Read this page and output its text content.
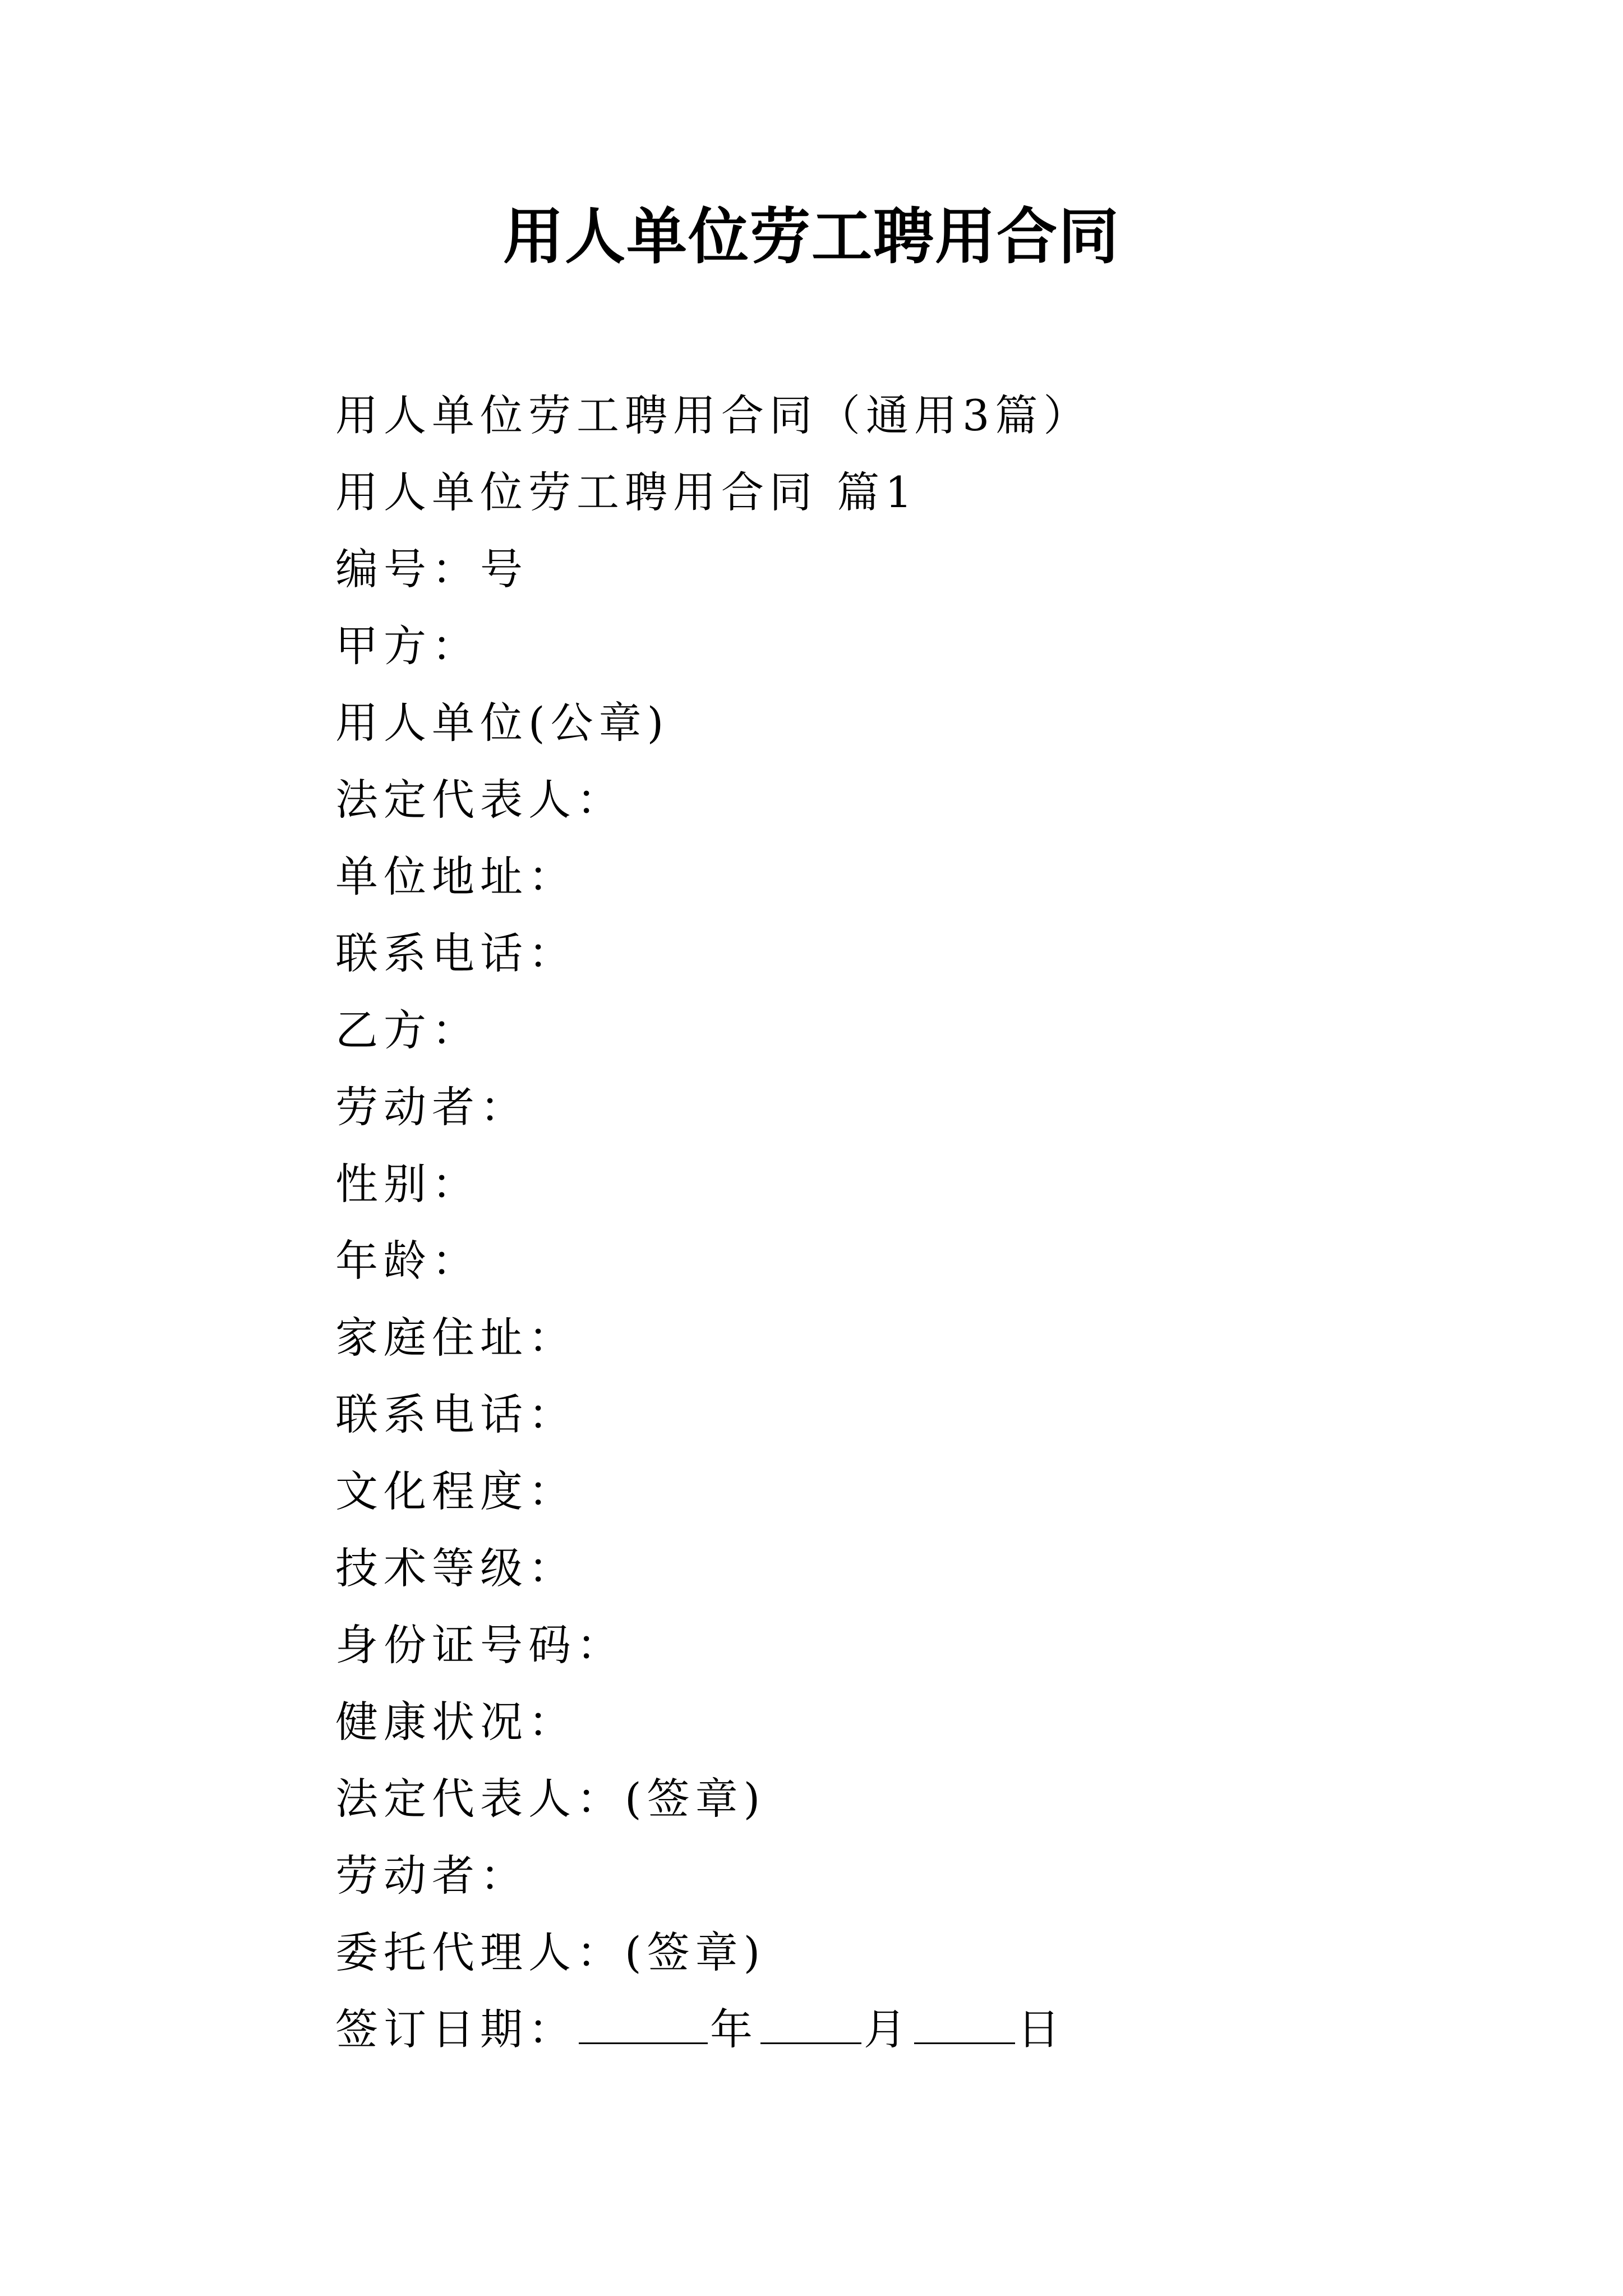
用人单位劳工聘用合同
用人单位劳工聘用合同（通用3篇）
用人单位劳工聘用合同 篇1
编号：号
甲方：
用人单位(公章)
法定代表人：
单位地址：
联系电话：
乙方：
劳动者：
性别：
年龄：
家庭住址：
联系电话：
文化程度：
技术等级：
身份证号码：
健康状况：
法定代表人：(签章)
劳动者：
委托代理人：(签章)
签订日期：	年 月 日
